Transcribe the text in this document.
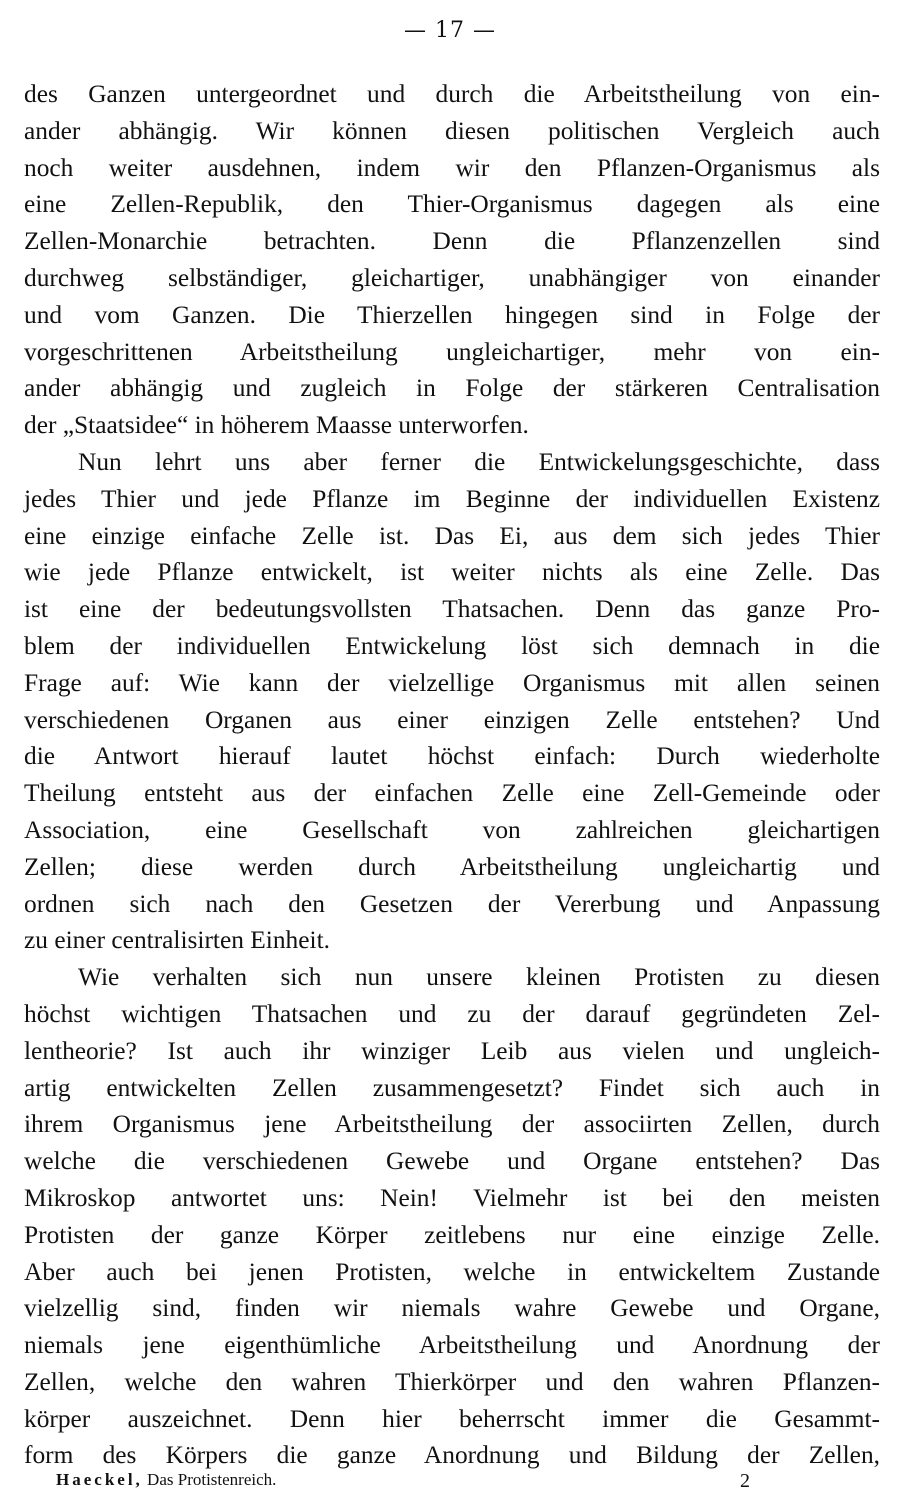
— 17 —
des Ganzen untergeordnet und durch die Arbeitstheilung von ein-
ander abhängig. Wir können diesen politischen Vergleich auch
noch weiter ausdehnen, indem wir den Pflanzen-Organismus als
eine Zellen-Republik, den Thier-Organismus dagegen als eine
Zellen-Monarchie betrachten. Denn die Pflanzenzellen sind
durchweg selbständiger, gleichartiger, unabhängiger von einander
und vom Ganzen. Die Thierzellen hingegen sind in Folge der
vorgeschrittenen Arbeitstheilung ungleichartiger, mehr von ein-
ander abhängig und zugleich in Folge der stärkeren Centralisation
der „Staatsidee“ in höherem Maasse unterworfen.
Nun lehrt uns aber ferner die Entwickelungsgeschichte, dass
jedes Thier und jede Pflanze im Beginne der individuellen Existenz
eine einzige einfache Zelle ist. Das Ei, aus dem sich jedes Thier
wie jede Pflanze entwickelt, ist weiter nichts als eine Zelle. Das
ist eine der bedeutungsvollsten Thatsachen. Denn das ganze Pro-
blem der individuellen Entwickelung löst sich demnach in die
Frage auf: Wie kann der vielzellige Organismus mit allen seinen
verschiedenen Organen aus einer einzigen Zelle entstehen? Und
die Antwort hierauf lautet höchst einfach: Durch wiederholte
Theilung entsteht aus der einfachen Zelle eine Zell-Gemeinde oder
Association, eine Gesellschaft von zahlreichen gleichartigen
Zellen; diese werden durch Arbeitstheilung ungleichartig und
ordnen sich nach den Gesetzen der Vererbung und Anpassung
zu einer centralisirten Einheit.
Wie verhalten sich nun unsere kleinen Protisten zu diesen
höchst wichtigen Thatsachen und zu der darauf gegründeten Zel-
lentheorie? Ist auch ihr winziger Leib aus vielen und ungleich-
artig entwickelten Zellen zusammengesetzt? Findet sich auch in
ihrem Organismus jene Arbeitstheilung der associirten Zellen, durch
welche die verschiedenen Gewebe und Organe entstehen? Das
Mikroskop antwortet uns: Nein! Vielmehr ist bei den meisten
Protisten der ganze Körper zeitlebens nur eine einzige Zelle.
Aber auch bei jenen Protisten, welche in entwickeltem Zustande
vielzellig sind, finden wir niemals wahre Gewebe und Organe,
niemals jene eigenthümliche Arbeitstheilung und Anordnung der
Zellen, welche den wahren Thierkörper und den wahren Pflanzen-
körper auszeichnet. Denn hier beherrscht immer die Gesammt-
form des Körpers die ganze Anordnung und Bildung der Zellen,
Haeckel, Das Protistenreich.	2
